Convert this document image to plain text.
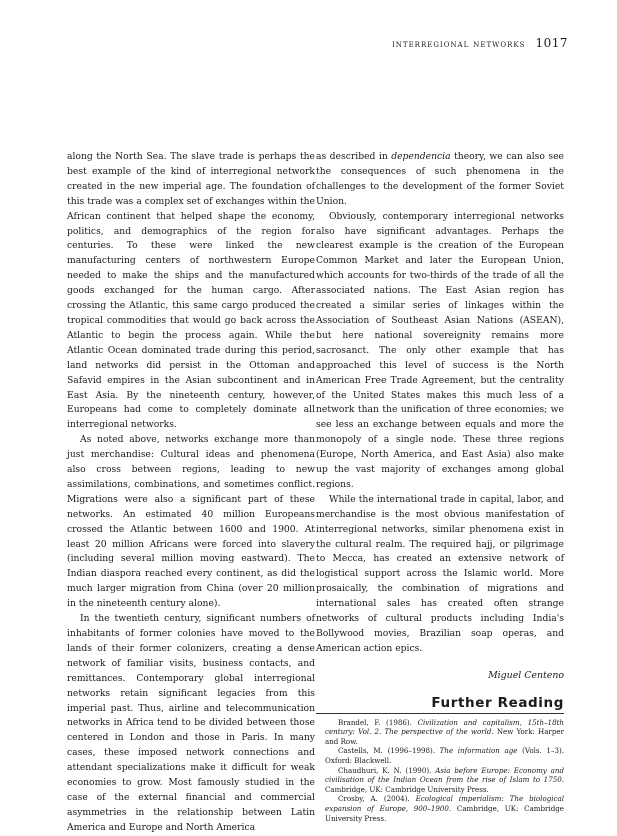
interregional networks 1017

along the North Sea. The slave trade is perhaps the best example of the kind of interregional network created in the new imperial age. The foundation of this trade was a complex set of exchanges within the African continent that helped shape the economy, politics, and demographics of the region for centuries. To these were linked the new manufacturing centers of northwestern Europe needed to make the ships and the manufactured goods exchanged for the human cargo. After crossing the Atlantic, this same cargo produced the tropical commodities that would go back across the Atlantic to begin the process again. While the Atlantic Ocean dominated trade during this period, land networks did persist in the Ottoman and Safavid empires in the Asian subcontinent and in East Asia. By the nineteenth century, however, Europeans had come to completely dominate all interregional networks.

As noted above, networks exchange more than just merchandise: Cultural ideas and phenomena also cross between regions, leading to new assimilations, combinations, and sometimes conflict. Migrations were also a significant part of these networks. An estimated 40 million Europeans crossed the Atlantic between 1600 and 1900. At least 20 million Africans were forced into slavery (including several million moving eastward). The Indian diaspora reached every continent, as did the much larger migration from China (over 20 million in the nineteenth century alone).

In the twentieth century, significant numbers of inhabitants of former colonies have moved to the lands of their former colonizers, creating a dense network of familiar visits, business contacts, and remittances. Contemporary global interregional networks retain significant legacies from this imperial past. Thus, airline and telecommunication networks in Africa tend to be divided between those centered in London and those in Paris. In many cases, these imposed network connections and attendant specializations make it difficult for weak economies to grow. Most famously studied in the case of the external financial and commercial asymmetries in the relationship between Latin America and Europe and North America

as described in dependencia theory, we can also see the consequences of such phenomena in the challenges to the development of the former Soviet Union.

Obviously, contemporary interregional networks also have significant advantages. Perhaps the clearest example is the creation of the European Common Market and later the European Union, which accounts for two-thirds of the trade of all the associated nations. The East Asian region has created a similar series of linkages within the Association of Southeast Asian Nations (ASEAN), but here national sovereignity remains more sacrosanct. The only other example that has approached this level of success is the North American Free Trade Agreement, but the centrality of the United States makes this much less of a network than the unification of three economies; we see less an exchange between equals and more the monopoly of a single node. These three regions (Europe, North America, and East Asia) also make up the vast majority of exchanges among global regions.

While the international trade in capital, labor, and merchandise is the most obvious manifestation of interregional networks, similar phenomena exist in the cultural realm. The required hajj, or pilgrimage to Mecca, has created an extensive network of logistical support across the Islamic world. More prosaically, the combination of migrations and international sales has created often strange networks of cultural products including India's Bollywood movies, Brazilian soap operas, and American action epics.

Miguel Centeno
Further Reading

Brandel, F. (1986). Civilization and capitalism, 15th–18th century: Vol. 2. The perspective of the world. New York: Harper and Row.

Castells, M. (1996–1998). The information age (Vols. 1–3). Oxford: Blackwell.

Chaudhuri, K. N. (1990). Asia before Europe: Economy and civilisation of the Indian Ocean from the rise of Islam to 1750. Cambridge, UK: Cambridge University Press.

Crosby, A. (2004). Ecological imperialism: The biological expansion of Europe, 900–1900. Cambridge, UK: Cambridge University Press.
